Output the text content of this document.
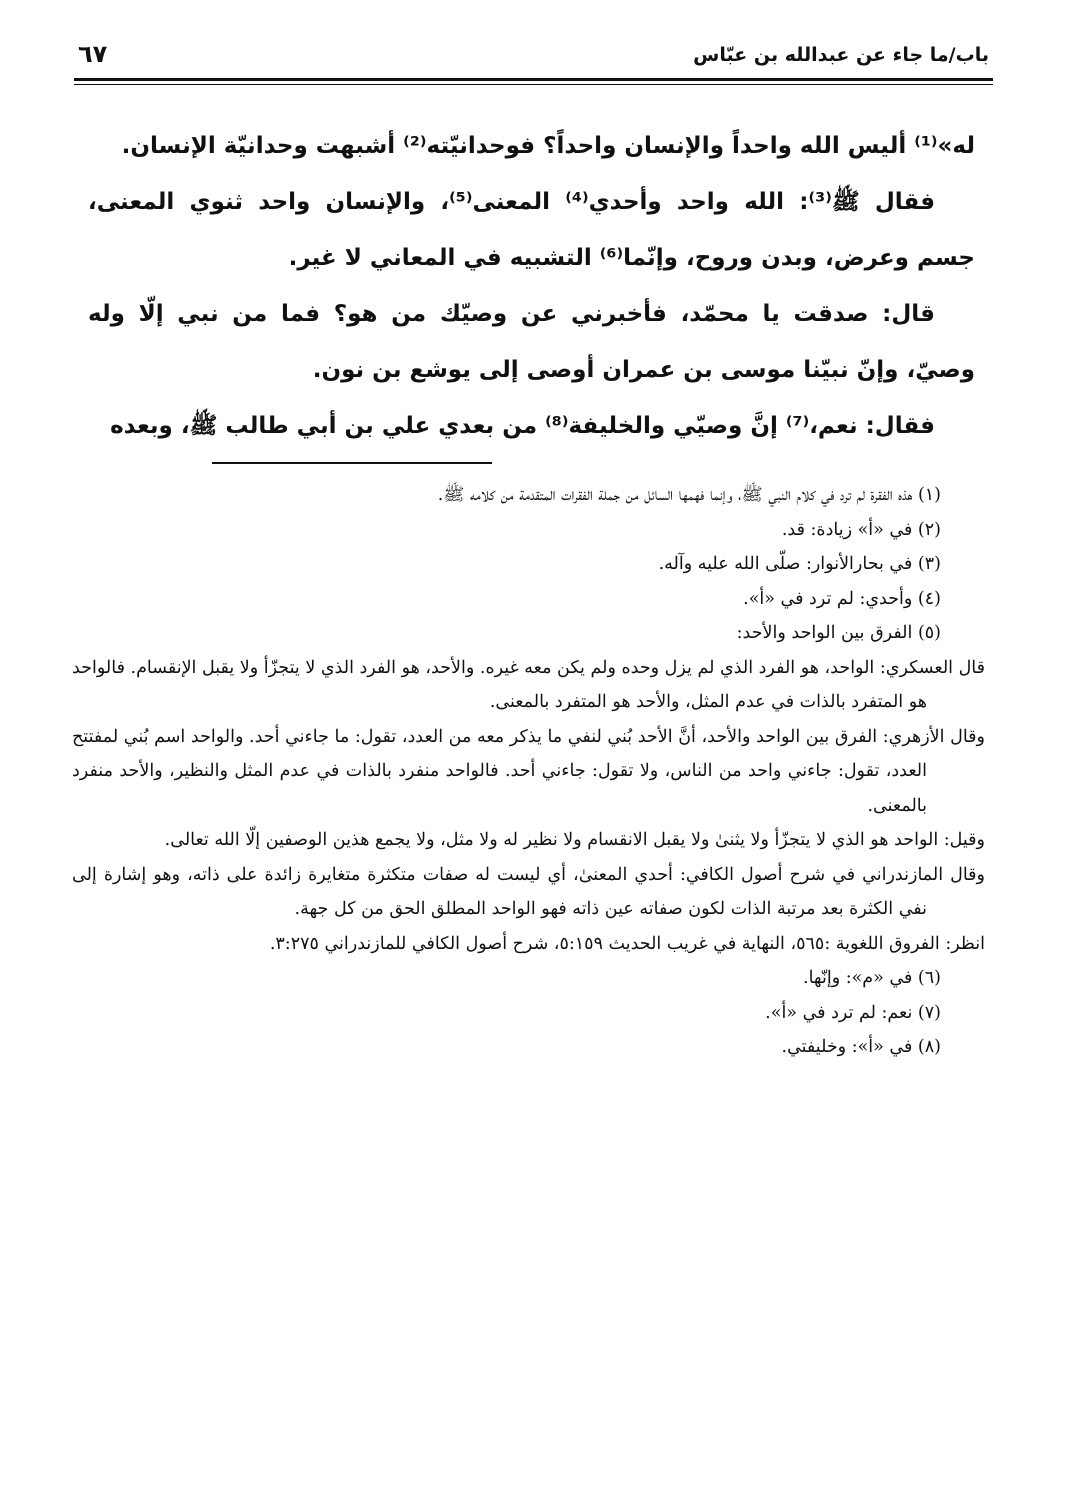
باب/ما جاء عن عبدالله بن عبّاس
٦٧

له»⁽¹⁾ أليس الله واحداً والإنسان واحداً؟ فوحدانيّته⁽²⁾ أشبهت وحدانيّة الإنسان.

فقال ﷺ⁽³⁾: الله واحد وأحدي⁽⁴⁾ المعنى⁽⁵⁾، والإنسان واحد ثنوي المعنى، جسم وعرض، وبدن وروح، وإنّما⁽⁶⁾ التشبيه في المعاني لا غير.

قال: صدقت يا محمّد، فأخبرني عن وصيّك من هو؟ فما من نبي إلّا وله وصيّ، وإنّ نبيّنا موسى بن عمران أوصى إلى يوشع بن نون.

فقال: نعم،⁽⁷⁾ إنَّ وصيّي والخليفة⁽⁸⁾ من بعدي علي بن أبي طالب ﷺ، وبعده

(١) هذه الفقرة لم ترد في كلام النبي ﷺ، وإنما فهمها السائل من جملة الفقرات المتقدمة من كلامه ﷺ.

(٢) في «أ» زيادة: قد.

(٣) في بحارالأنوار: صلّى الله عليه وآله.

(٤) وأحدي: لم ترد في «أ».

(٥) الفرق بين الواحد والأحد:

قال العسكري: الواحد، هو الفرد الذي لم يزل وحده ولم يكن معه غيره. والأحد، هو الفرد الذي لا يتجزّأ ولا يقبل الإنقسام. فالواحد هو المتفرد بالذات في عدم المثل، والأحد هو المتفرد بالمعنى.

وقال الأزهري: الفرق بين الواحد والأحد، أنَّ الأحد بُني لنفي ما يذكر معه من العدد، تقول: ما جاءني أحد. والواحد اسم بُني لمفتتح العدد، تقول: جاءني واحد من الناس، ولا تقول: جاءني أحد. فالواحد منفرد بالذات في عدم المثل والنظير، والأحد منفرد بالمعنى.

وقيل: الواحد هو الذي لا يتجزّأ ولا يثنىٰ ولا يقبل الانقسام ولا نظير له ولا مثل، ولا يجمع هذين الوصفين إلّا الله تعالى.

وقال المازندراني في شرح أصول الكافي: أحدي المعنىٰ، أي ليست له صفات متكثرة متغايرة زائدة على ذاته، وهو إشارة إلى نفي الكثرة بعد مرتبة الذات لكون صفاته عين ذاته فهو الواحد المطلق الحق من كل جهة.

انظر: الفروق اللغوية :٥٦٥، النهاية في غريب الحديث ٥:١٥٩، شرح أصول الكافي للمازندراني ٣:٢٧٥.

(٦) في «م»: وإنّها.

(٧) نعم: لم ترد في «أ».

(٨) في «أ»: وخليفتي.
